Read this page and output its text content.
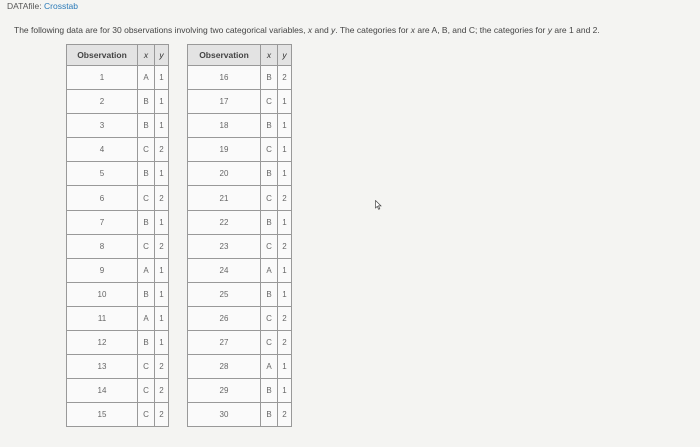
DATAfile: Crosstab
The following data are for 30 observations involving two categorical variables, x and y. The categories for x are A, B, and C; the categories for y are 1 and 2.
Observation	x	y
1	A	1
2	B	1
3	B	1
4	C	2
5	B	1
6	C	2
7	B	1
8	C	2
9	A	1
10	B	1
11	A	1
12	B	1
13	C	2
14	C	2
15	C	2
Observation	x	y
16	B	2
17	C	1
18	B	1
19	C	1
20	B	1
21	C	2
22	B	1
23	C	2
24	A	1
25	B	1
26	C	2
27	C	2
28	A	1
29	B	1
30	B	2
